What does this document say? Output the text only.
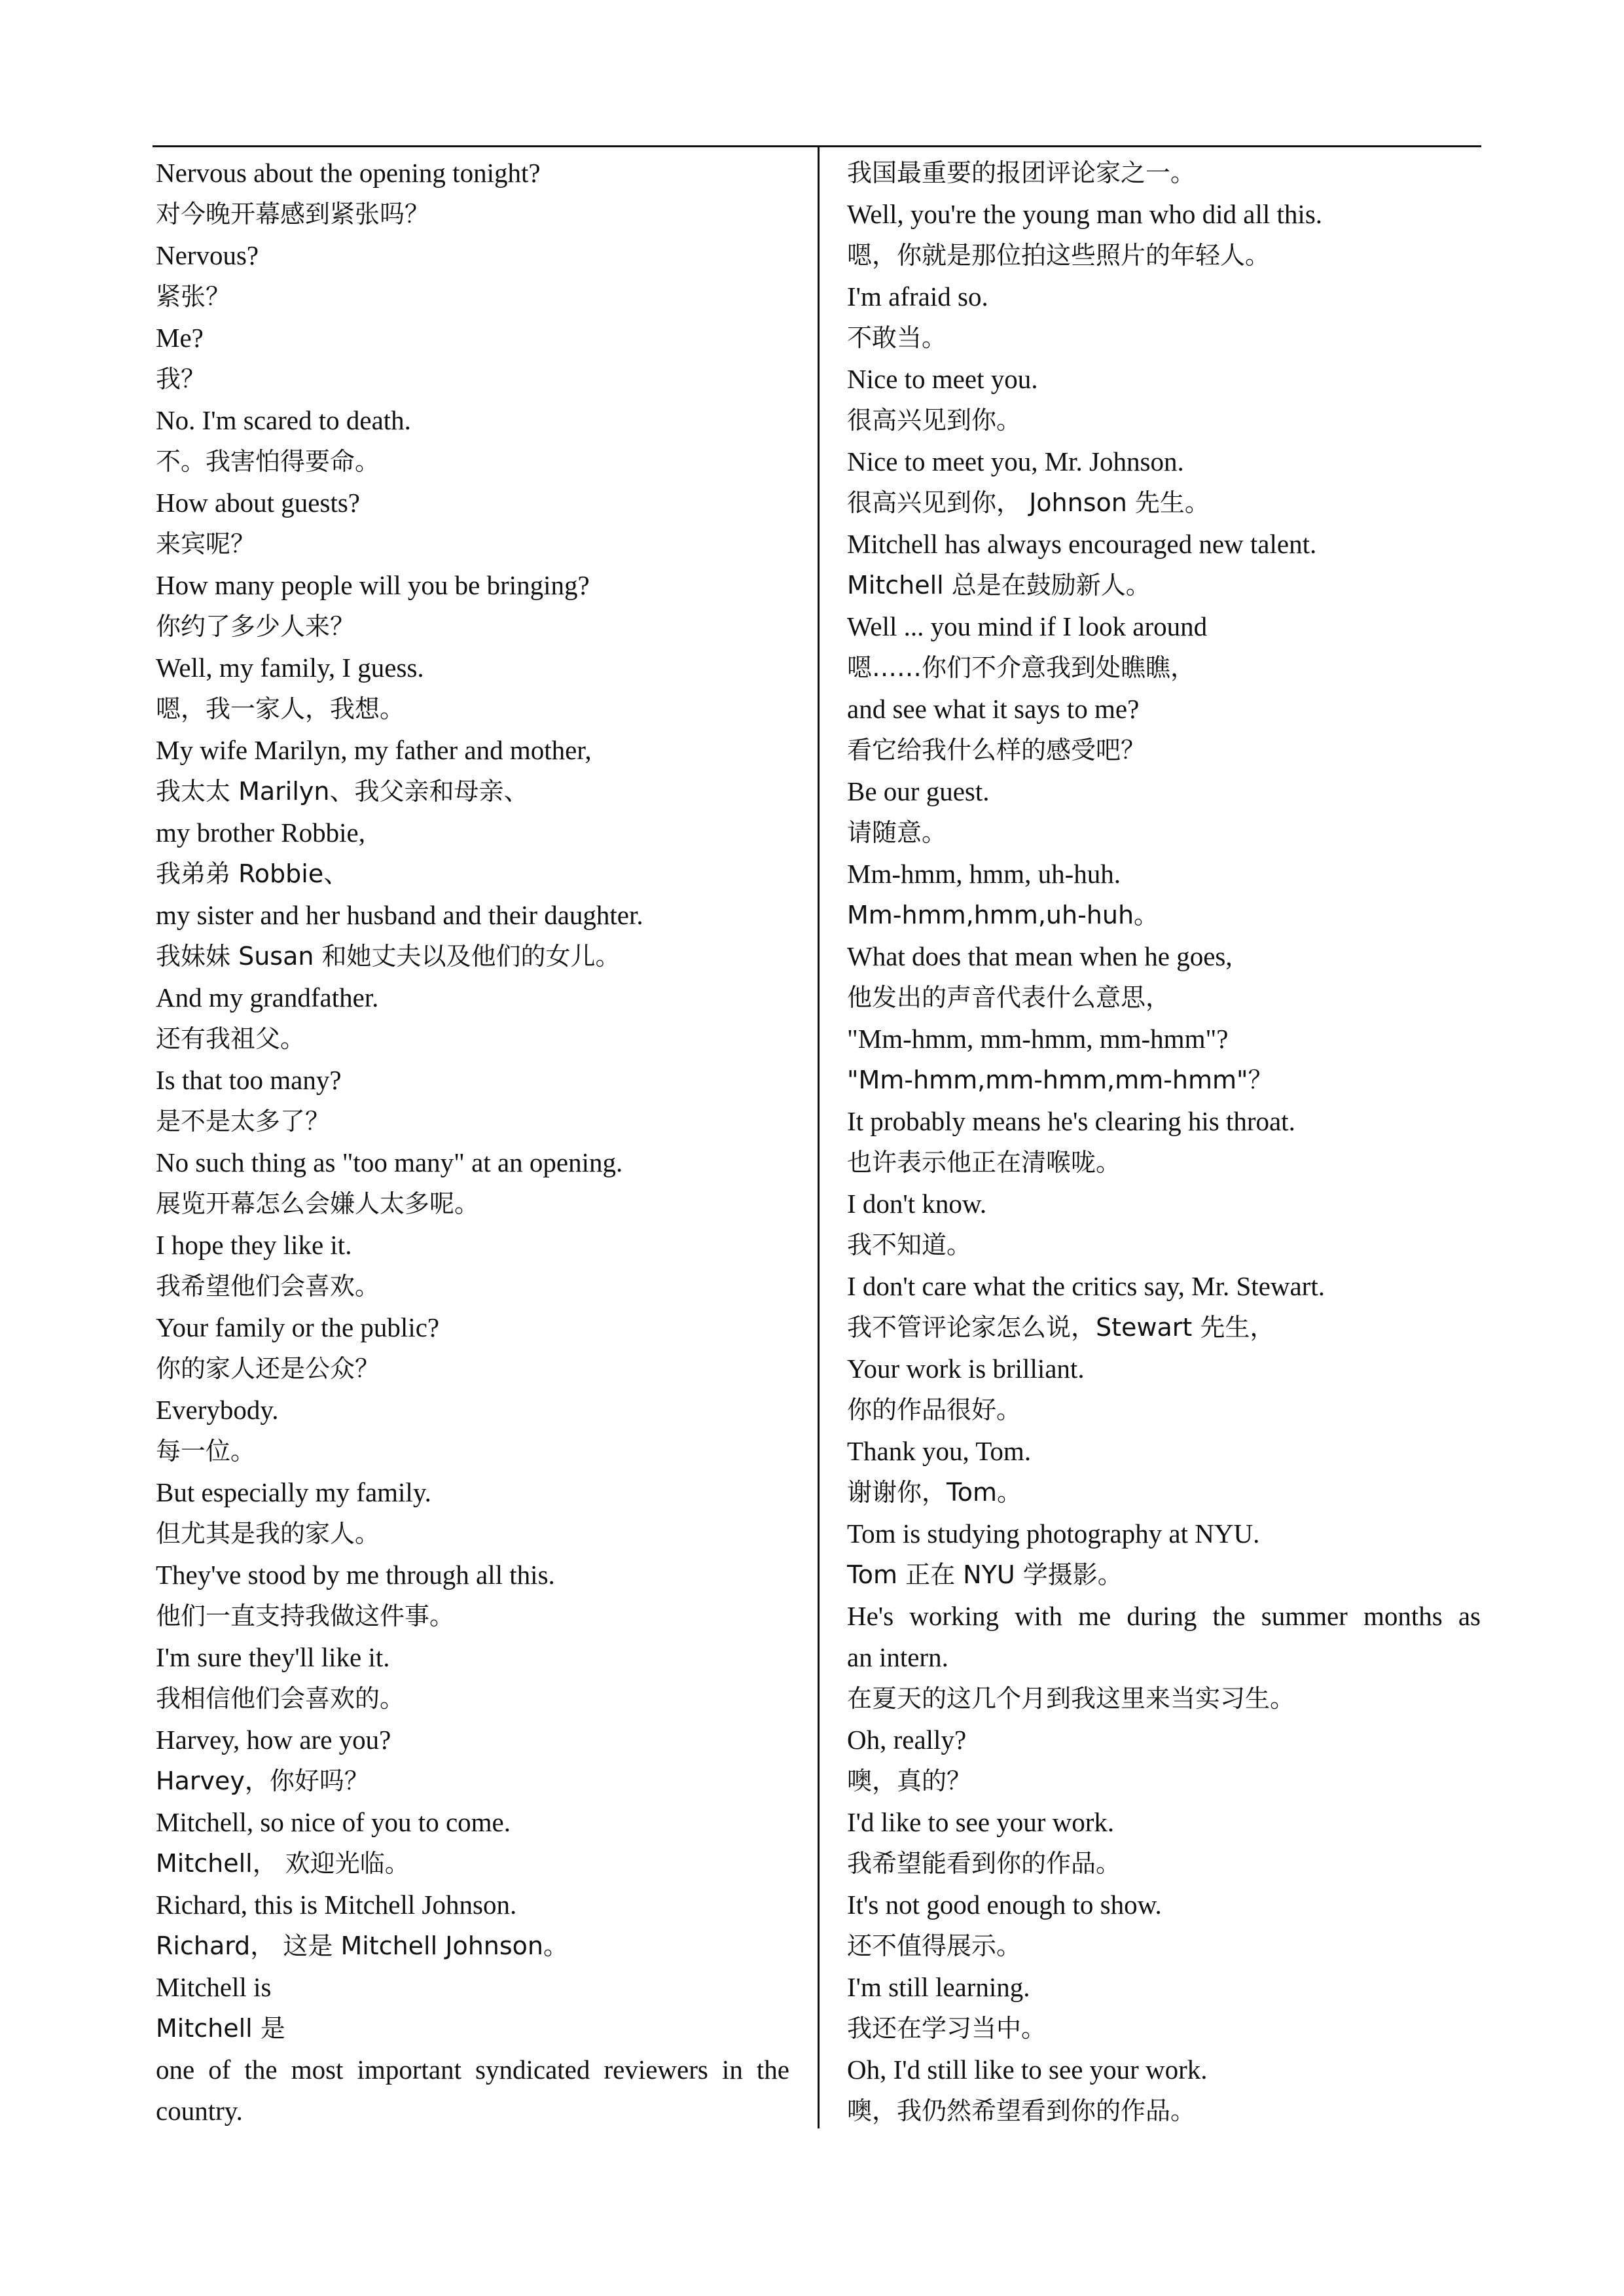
Nervous about the opening tonight?
对今晚开幕感到紧张吗？
Nervous?
紧张？
Me?
我？
No. I'm scared to death.
不。我害怕得要命。
How about guests?
来宾呢？
How many people will you be bringing?
你约了多少人来？
Well, my family, I guess.
嗯，我一家人，我想。
My wife Marilyn, my father and mother,
我太太 Marilyn、我父亲和母亲、
my brother Robbie,
我弟弟 Robbie、
my sister and her husband and their daughter.
我妹妹 Susan 和她丈夫以及他们的女儿。
And my grandfather.
还有我祖父。
Is that too many?
是不是太多了？
No such thing as "too many" at an opening.
展览开幕怎么会嫌人太多呢。
I hope they like it.
我希望他们会喜欢。
Your family or the public?
你的家人还是公众？
Everybody.
每一位。
But especially my family.
但尤其是我的家人。
They've stood by me through all this.
他们一直支持我做这件事。
I'm sure they'll like it.
我相信他们会喜欢的。
Harvey, how are you?
Harvey，你好吗？
Mitchell, so nice of you to come.
Mitchell， 欢迎光临。
Richard, this is Mitchell Johnson.
Richard， 这是 Mitchell Johnson。
Mitchell is
Mitchell 是
one of the most important syndicated reviewers in the
country.
我国最重要的报团评论家之一。
Well, you're the young man who did all this.
嗯，你就是那位拍这些照片的年轻人。
I'm afraid so.
不敢当。
Nice to meet you.
很高兴见到你。
Nice to meet you, Mr. Johnson.
很高兴见到你， Johnson 先生。
Mitchell has always encouraged new talent.
Mitchell 总是在鼓励新人。
Well ... you mind if I look around
嗯……你们不介意我到处瞧瞧，
and see what it says to me?
看它给我什么样的感受吧？
Be our guest.
请随意。
Mm-hmm, hmm, uh-huh.
Mm-hmm,hmm,uh-huh。
What does that mean when he goes,
他发出的声音代表什么意思，
"Mm-hmm, mm-hmm, mm-hmm"?
"Mm-hmm,mm-hmm,mm-hmm"？
It probably means he's clearing his throat.
也许表示他正在清喉咙。
I don't know.
我不知道。
I don't care what the critics say, Mr. Stewart.
我不管评论家怎么说，Stewart 先生，
Your work is brilliant.
你的作品很好。
Thank you, Tom.
谢谢你，Tom。
Tom is studying photography at NYU.
Tom 正在 NYU 学摄影。
He's working with me during the summer months as
an intern.
在夏天的这几个月到我这里来当实习生。
Oh, really?
噢，真的？
I'd like to see your work.
我希望能看到你的作品。
It's not good enough to show.
还不值得展示。
I'm still learning.
我还在学习当中。
Oh, I'd still like to see your work.
噢，我仍然希望看到你的作品。
